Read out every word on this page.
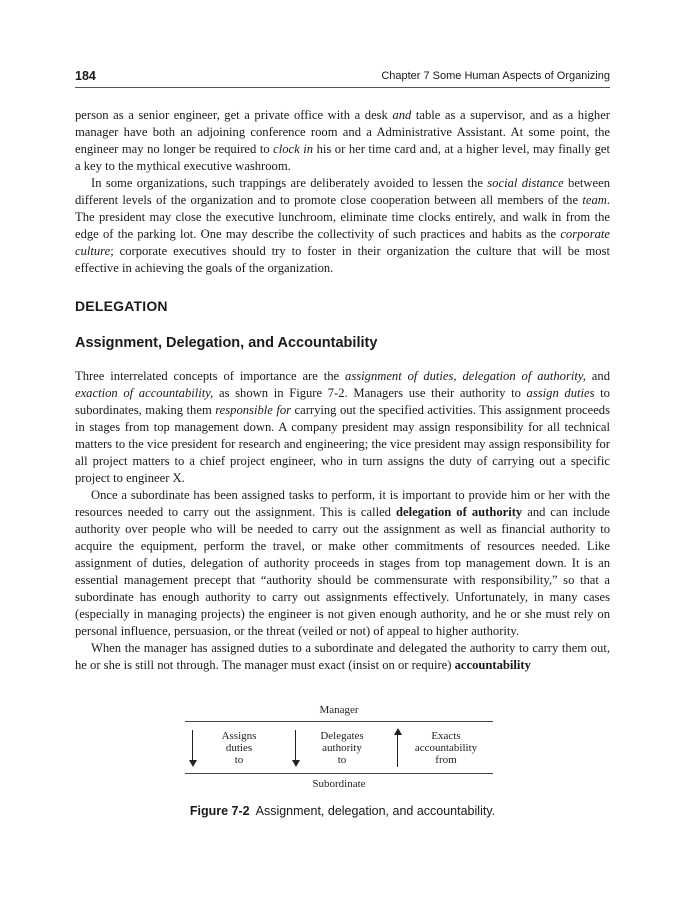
184	Chapter 7 Some Human Aspects of Organizing

person as a senior engineer, get a private office with a desk and table as a supervisor, and as a higher manager have both an adjoining conference room and a Administrative Assistant. At some point, the engineer may no longer be required to clock in his or her time card and, at a higher level, may finally get a key to the mythical executive washroom.

In some organizations, such trappings are deliberately avoided to lessen the social distance between different levels of the organization and to promote close cooperation between all members of the team. The president may close the executive lunchroom, eliminate time clocks entirely, and walk in from the edge of the parking lot. One may describe the collectivity of such practices and habits as the corporate culture; corporate executives should try to foster in their organization the culture that will be most effective in achieving the goals of the organization.

DELEGATION
Assignment, Delegation, and Accountability

Three interrelated concepts of importance are the assignment of duties, delegation of authority, and exaction of accountability, as shown in Figure 7-2. Managers use their authority to assign duties to subordinates, making them responsible for carrying out the specified activities. This assignment proceeds in stages from top management down. A company president may assign responsibility for all technical matters to the vice president for research and engineering; the vice president may assign responsibility for all project matters to a chief project engineer, who in turn assigns the duty of carrying out a specific project to engineer X.

Once a subordinate has been assigned tasks to perform, it is important to provide him or her with the resources needed to carry out the assignment. This is called delegation of authority and can include authority over people who will be needed to carry out the assignment as well as financial authority to acquire the equipment, perform the travel, or make other commitments of resources needed. Like assignment of duties, delegation of authority proceeds in stages from top management down. It is an essential management precept that “authority should be commensurate with responsibility,” so that a subordinate has enough authority to carry out assignments effectively. Unfortunately, in many cases (especially in managing projects) the engineer is not given enough authority, and he or she must rely on personal influence, persuasion, or the threat (veiled or not) of appeal to higher authority.

When the manager has assigned duties to a subordinate and delegated the authority to carry them out, he or she is still not through. The manager must exact (insist on or require) accountability

Manager
Assigns
duties
to
Delegates
authority
to
Exacts
accountability
from
Subordinate
Figure 7-2 Assignment, delegation, and accountability.
